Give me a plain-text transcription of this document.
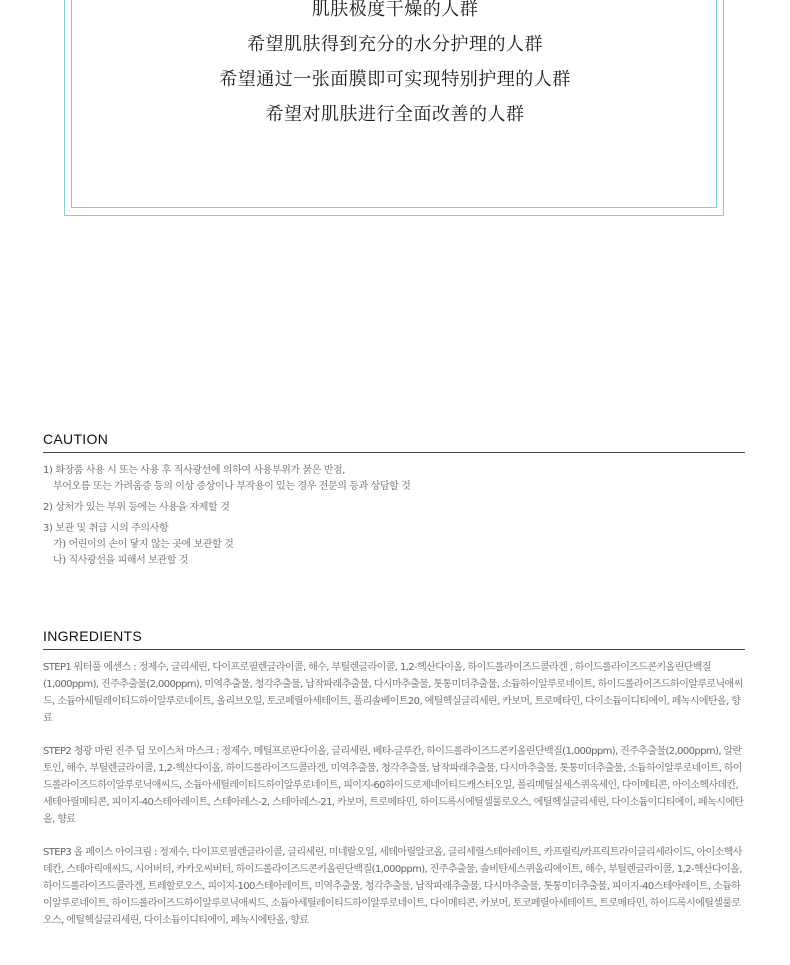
肌肤极度干燥的人群
希望肌肤得到充分的水分护理的人群
希望通过一张面膜即可实现特别护理的人群
希望对肌肤进行全面改善的人群
CAUTION
1) 화장품 사용 시 또는 사용 후 직사광선에 의하여 사용부위가 붉은 반점,
부어오름 또는 가려움증 등의 이상 증상이나 부작용이 있는 경우 전문의 등과 상담할 것
2) 상처가 있는 부위 등에는 사용을 자제할 것
3) 보관 및 취급 시의 주의사항
가) 어린이의 손이 닿지 않는 곳에 보관할 것
나) 직사광선을 피해서 보관할 것
INGREDIENTS
STEP1 워터풀 에센스 : 정제수, 글리세린, 다이프로필렌글라이콜, 해수, 부틸렌글라이콜, 1,2-헥산다이올, 하이드롤라이즈드콜라겐 , 하이드롤라이즈드콘키올린단백질(1,000ppm), 진주추출물(2,000ppm), 미역추출물, 청각추출물, 납작파래추출물, 다시마추출물, 톳통미더추출물, 소듐하이알루로네이트, 하이드롤라이즈드하이알루로닉애씨드, 소듐아세틸레이티드하이알루로네이트, 올리브오일, 토코페릴아세테이트, 폴리솔베이트20, 에틸헥실글리세린, 카보머, 트로메타민, 다이소듐이디티에이, 페녹시에탄올, 향료
STEP2 청광 마린 진주 딥 모이스처 마스크 : 정제수, 메틸프로판다이올, 글리세린, 베타-글루칸, 하이드롤라이즈드콘키올린단백질(1,000ppm), 진주추출물(2,000ppm), 알란토인, 해수, 부틸렌글라이콜, 1,2-헥산다이올, 하이드롤라이즈드콜라겐, 미역추출물, 청각추출물, 납작파래추출물, 다시마추출물, 톳통미더추출물, 소듐하이알루로네이트, 하이드롤라이즈드하이알루로닉애씨드, 소듐아세틸레이티드하이알루로네이트, 피이지-60하이드로제네이티드캐스터오일, 폴리메틸실세스퀴옥세인, 다이메티콘, 아이소헥사데칸, 세테아릴메티콘, 피이지-40스테아레이트, 스테아레스-2, 스테아레스-21, 카보머, 트로메타민, 하이드록시에틸셀룰로오스, 에틸헥실글리세린, 다이소듐이디티에이, 페녹시에탄올, 향료
STEP3 올 페이스 아이크림 : 정제수, 다이프로필렌글라이콜, 글리세린, 미네랄오일, 세테아릴알코올, 글리세릴스테아레이트, 카프릴릭/카프릭트라이글리세라이드, 아이소헥사데칸, 스테아릭애씨드, 시어버터, 카카오씨버터, 하이드롤라이즈드콘키올린단백질(1,000ppm), 진주추출물, 솔비탄세스퀴올리에이트, 해수, 부틸렌글라이콜, 1,2-헥산다이올, 하이드롤라이즈드콜라겐, 트레할로오스, 피이지-100스테아레이트, 미역추출물, 청각추출물, 납작파래추출물, 다시마추출물, 톳통미더추출물, 피이지-40스테아레이트, 소듐하이알루로네이트, 하이드롤라이즈드하이알루로닉애씨드, 소듐아세틸레이티드하이알루로네이트, 다이메티콘, 카보머, 토코페릴아세테이트, 트로메타민, 하이드록시에틸셀룰로오스, 에틸헥실글리세린, 다이소듐이디티에이, 페녹시에탄올, 향료
